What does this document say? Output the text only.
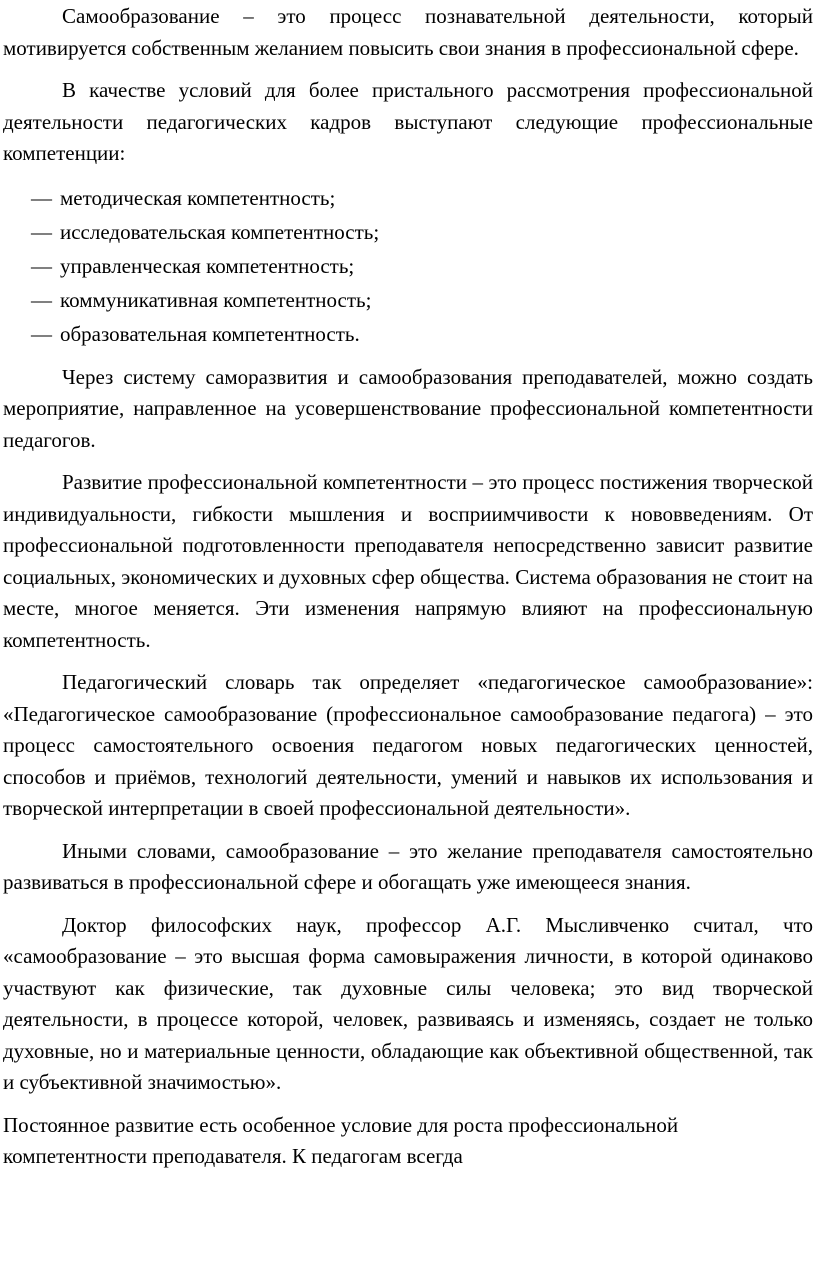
Самообразование – это процесс познавательной деятельности, который мотивируется собственным желанием повысить свои знания в профессиональной сфере.

В качестве условий для более пристального рассмотрения профессиональной деятельности педагогических кадров выступают следующие профессиональные компетенции:

— методическая компетентность;
— исследовательская компетентность;
— управленческая компетентность;
— коммуникативная компетентность;
— образовательная компетентность.

Через систему саморазвития и самообразования преподавателей, можно создать мероприятие, направленное на усовершенствование профессиональной компетентности педагогов.

Развитие профессиональной компетентности – это процесс постижения творческой индивидуальности, гибкости мышления и восприимчивости к нововведениям. От профессиональной подготовленности преподавателя непосредственно зависит развитие социальных, экономических и духовных сфер общества. Система образования не стоит на месте, многое меняется. Эти изменения напрямую влияют на профессиональную компетентность.

Педагогический словарь так определяет «педагогическое самообразование»: «Педагогическое самообразование (профессиональное самообразование педагога) – это процесс самостоятельного освоения педагогом новых педагогических ценностей, способов и приёмов, технологий деятельности, умений и навыков их использования и творческой интерпретации в своей профессиональной деятельности».

Иными словами, самообразование – это желание преподавателя самостоятельно развиваться в профессиональной сфере и обогащать уже имеющееся знания.

Доктор философских наук, профессор А.Г. Мысливченко считал, что «самообразование – это высшая форма самовыражения личности, в которой одинаково участвуют как физические, так духовные силы человека; это вид творческой деятельности, в процессе которой, человек, развиваясь и изменяясь, создает не только духовные, но и материальные ценности, обладающие как объективной общественной, так и субъективной значимостью».

Постоянное развитие есть особенное условие для роста профессиональной компетентности преподавателя. К педагогам всегда
